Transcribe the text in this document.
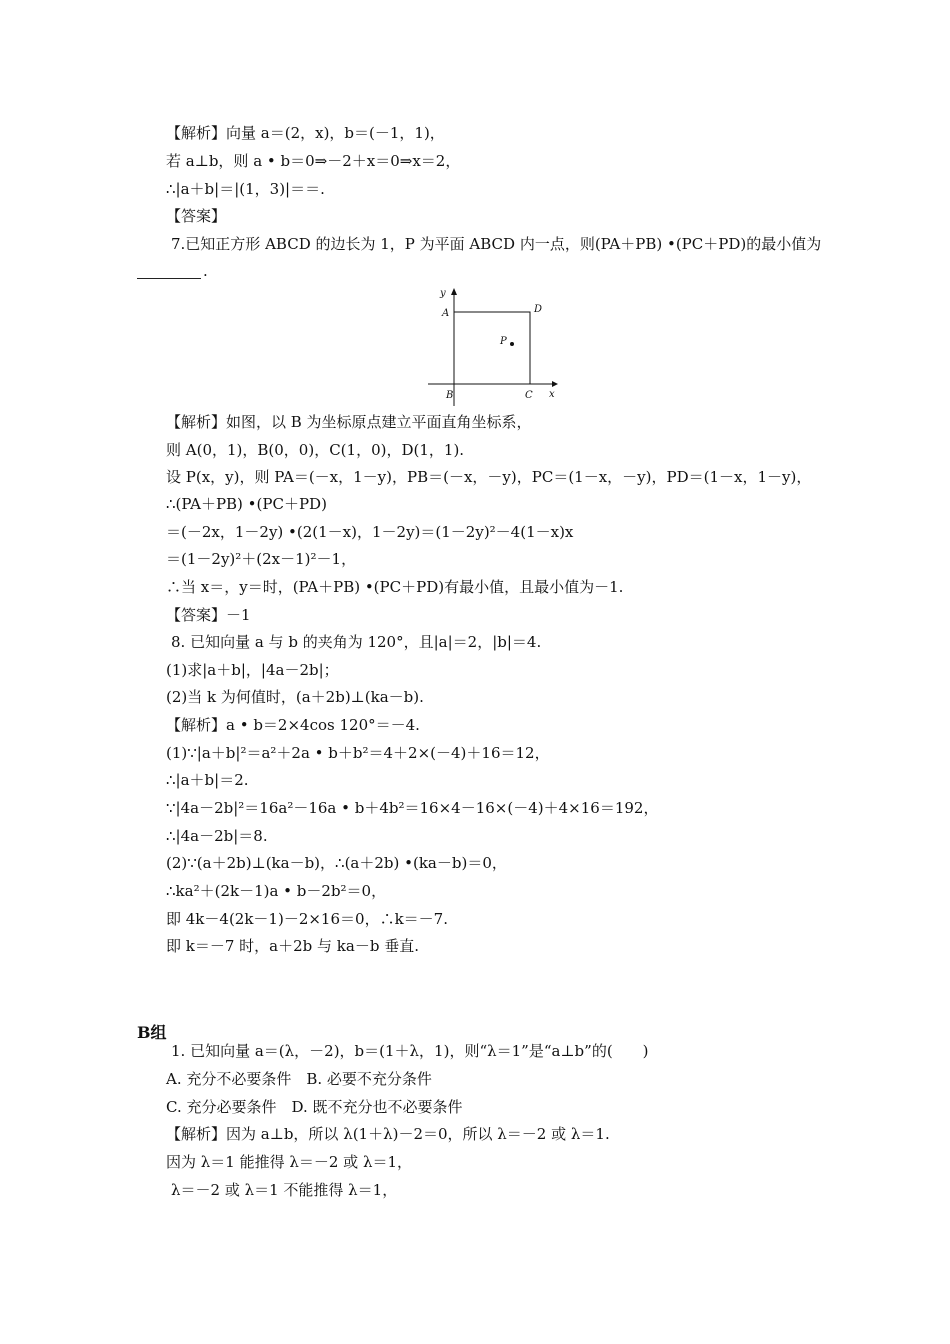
【解析】向量 a＝(2，x)，b＝(－1，1)，
若 a⊥b，则 a • b＝0⇒－2＋x＝0⇒x＝2，
∴|a＋b|＝|(1，3)|＝＝.
【答案】
7.已知正方形 ABCD 的边长为 1，P 为平面 ABCD 内一点，则(PA＋PB) •(PC＋PD)的最小值为
.
y
x
A
B	C
D
P
【解析】如图，以 B 为坐标原点建立平面直角坐标系，
则 A(0，1)，B(0，0)，C(1，0)，D(1，1).
设 P(x，y)，则 PA＝(－x，1－y)，PB＝(－x，－y)，PC＝(1－x，－y)，PD＝(1－x，1－y)，
∴(PA＋PB) •(PC＋PD)
＝(－2x，1－2y) •(2(1－x)，1－2y)＝(1－2y)²－4(1－x)x
＝(1－2y)²＋(2x－1)²－1，
∴当 x＝，y＝时，(PA＋PB) •(PC＋PD)有最小值，且最小值为－1.
【答案】－1
8. 已知向量 a 与 b 的夹角为 120°，且|a|＝2，|b|＝4.
(1)求|a＋b|，|4a－2b|；
(2)当 k 为何值时，(a＋2b)⊥(ka－b).
【解析】a • b＝2×4cos 120°＝－4.
(1)∵|a＋b|²＝a²＋2a • b＋b²＝4＋2×(－4)＋16＝12，
∴|a＋b|＝2.
∵|4a－2b|²＝16a²－16a • b＋4b²＝16×4－16×(－4)＋4×16＝192，
∴|4a－2b|＝8.
(2)∵(a＋2b)⊥(ka－b)，∴(a＋2b) •(ka－b)＝0，
∴ka²＋(2k－1)a • b－2b²＝0，
即 4k－4(2k－1)－2×16＝0，∴k＝－7.
即 k＝－7 时，a＋2b 与 ka－b 垂直.
B组
1. 已知向量 a＝(λ，－2)，b＝(1＋λ，1)，则“λ＝1”是“a⊥b”的(　　)
A. 充分不必要条件　B. 必要不充分条件
C. 充分必要条件　D. 既不充分也不必要条件
【解析】因为 a⊥b，所以 λ(1＋λ)－2＝0，所以 λ＝－2 或 λ＝1.
因为 λ＝1 能推得 λ＝－2 或 λ＝1，
λ＝－2 或 λ＝1 不能推得 λ＝1，
